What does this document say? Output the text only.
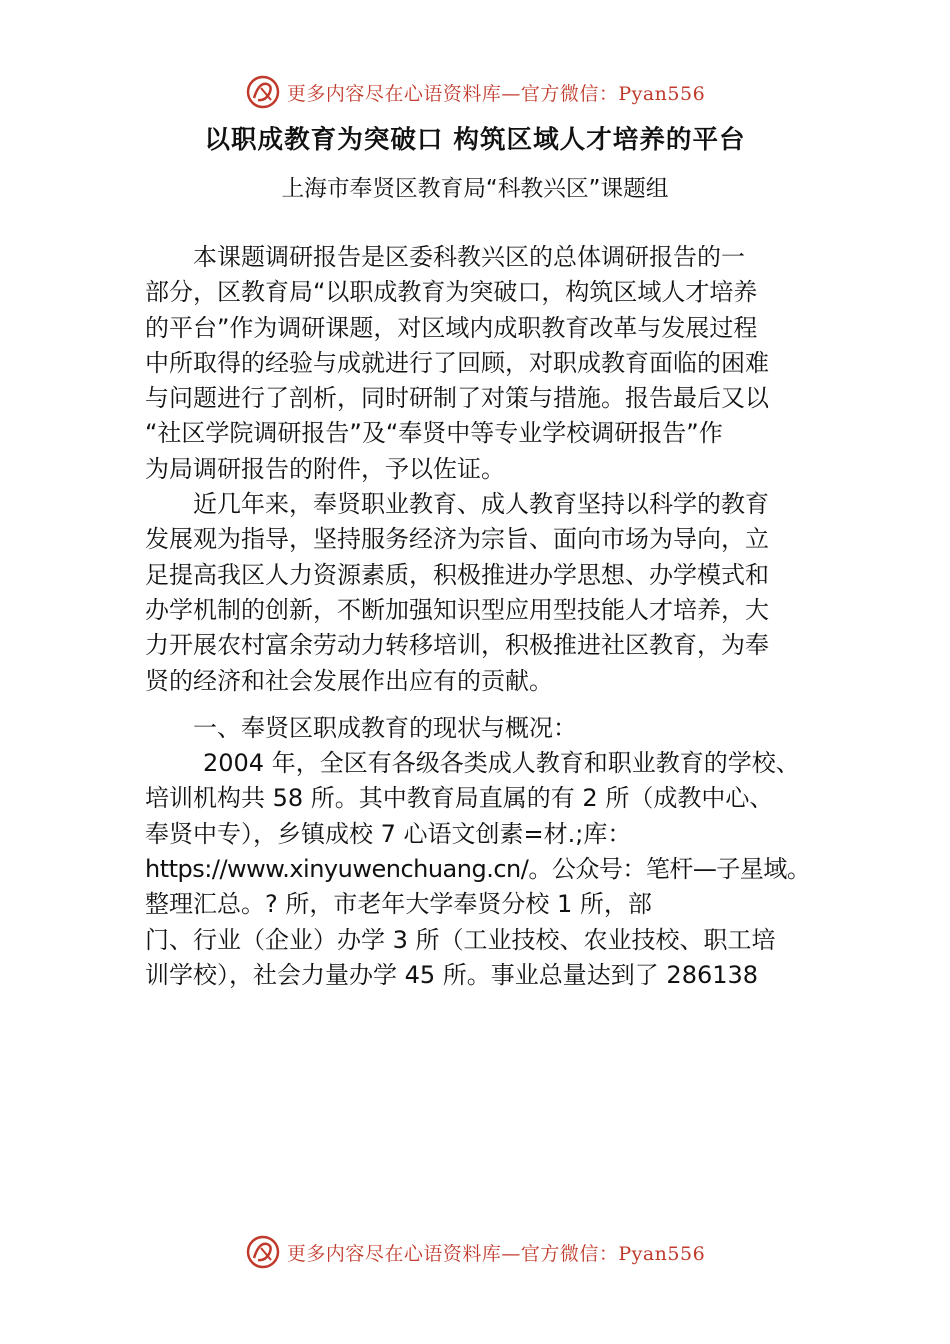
更多内容尽在心语资料库—官方微信：Pyan556
以职成教育为突破口 构筑区域人才培养的平台
上海市奉贤区教育局“科教兴区”课题组
本课题调研报告是区委科教兴区的总体调研报告的一
部分，区教育局“以职成教育为突破口，构筑区域人才培养
的平台”作为调研课题，对区域内成职教育改革与发展过程
中所取得的经验与成就进行了回顾，对职成教育面临的困难
与问题进行了剖析，同时研制了对策与措施。报告最后又以
“社区学院调研报告”及“奉贤中等专业学校调研报告”作
为局调研报告的附件，予以佐证。
近几年来，奉贤职业教育、成人教育坚持以科学的教育
发展观为指导，坚持服务经济为宗旨、面向市场为导向，立
足提高我区人力资源素质，积极推进办学思想、办学模式和
办学机制的创新，不断加强知识型应用型技能人才培养，大
力开展农村富余劳动力转移培训，积极推进社区教育，为奉
贤的经济和社会发展作出应有的贡献。
一、奉贤区职成教育的现状与概况：
2004 年，全区有各级各类成人教育和职业教育的学校、
培训机构共 58 所。其中教育局直属的有 2 所（成教中心、
奉贤中专），乡镇成校 7 心语文创素=材.;库：
https://www.xinyuwenchuang.cn/。公众号：笔杆—子星域。
整理汇总。? 所，市老年大学奉贤分校 1 所，部
门、行业（企业）办学 3 所（工业技校、农业技校、职工培
训学校），社会力量办学 45 所。事业总量达到了 286138
更多内容尽在心语资料库—官方微信：Pyan556
